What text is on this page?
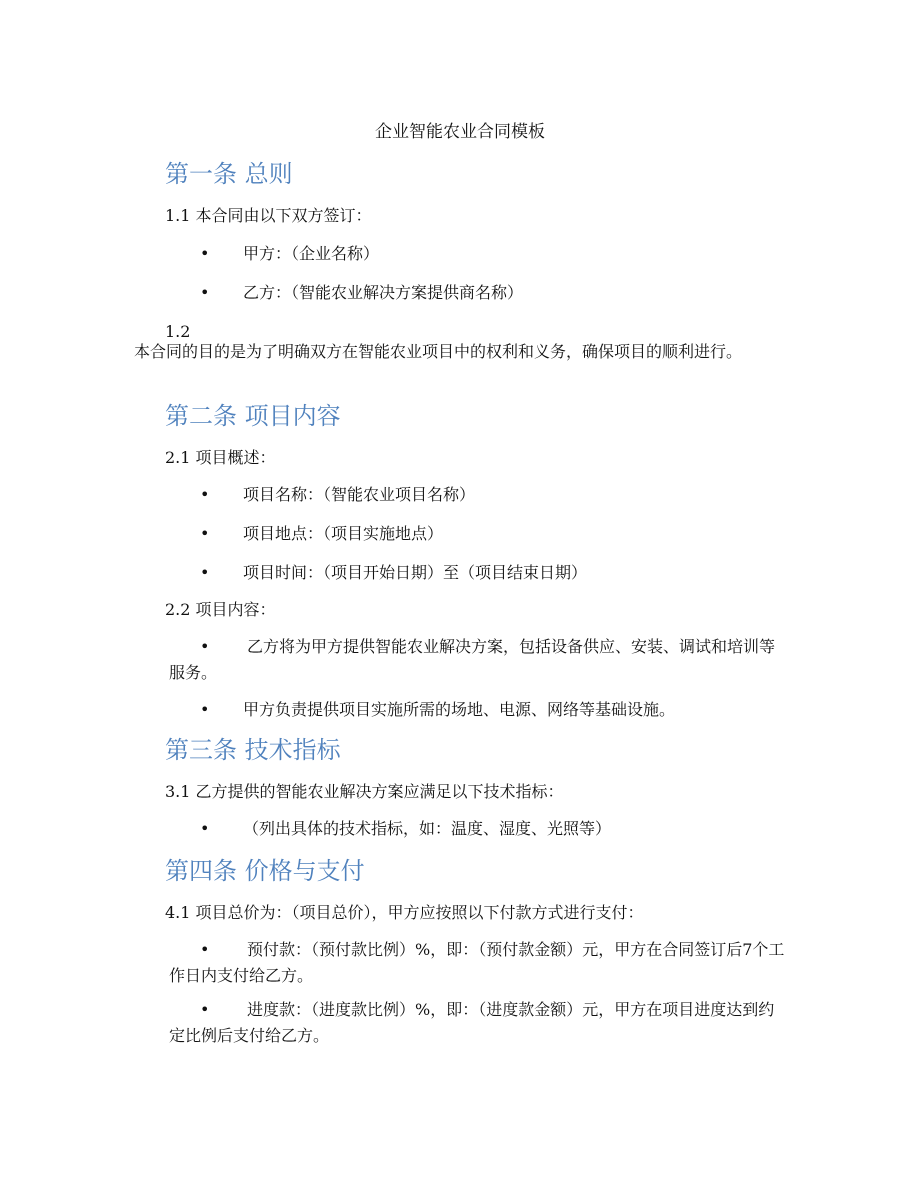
企业智能农业合同模板
第一条 总则
1.1 本合同由以下双方签订：
•	甲方：（企业名称）
•	乙方：（智能农业解决方案提供商名称）
1.2
本合同的目的是为了明确双方在智能农业项目中的权利和义务，确保项目的顺利进行。
第二条 项目内容
2.1 项目概述：
•	项目名称：（智能农业项目名称）
•	项目地点：（项目实施地点）
•	项目时间：（项目开始日期）至（项目结束日期）
2.2 项目内容：
•	乙方将为甲方提供智能农业解决方案，包括设备供应、安装、调试和培训等服务。
•	甲方负责提供项目实施所需的场地、电源、网络等基础设施。
第三条 技术指标
3.1 乙方提供的智能农业解决方案应满足以下技术指标：
•	（列出具体的技术指标，如：温度、湿度、光照等）
第四条 价格与支付
4.1 项目总价为：（项目总价），甲方应按照以下付款方式进行支付：
•	预付款：（预付款比例）%，即：（预付款金额）元，甲方在合同签订后7个工作日内支付给乙方。
•	进度款：（进度款比例）%，即：（进度款金额）元，甲方在项目进度达到约定比例后支付给乙方。
